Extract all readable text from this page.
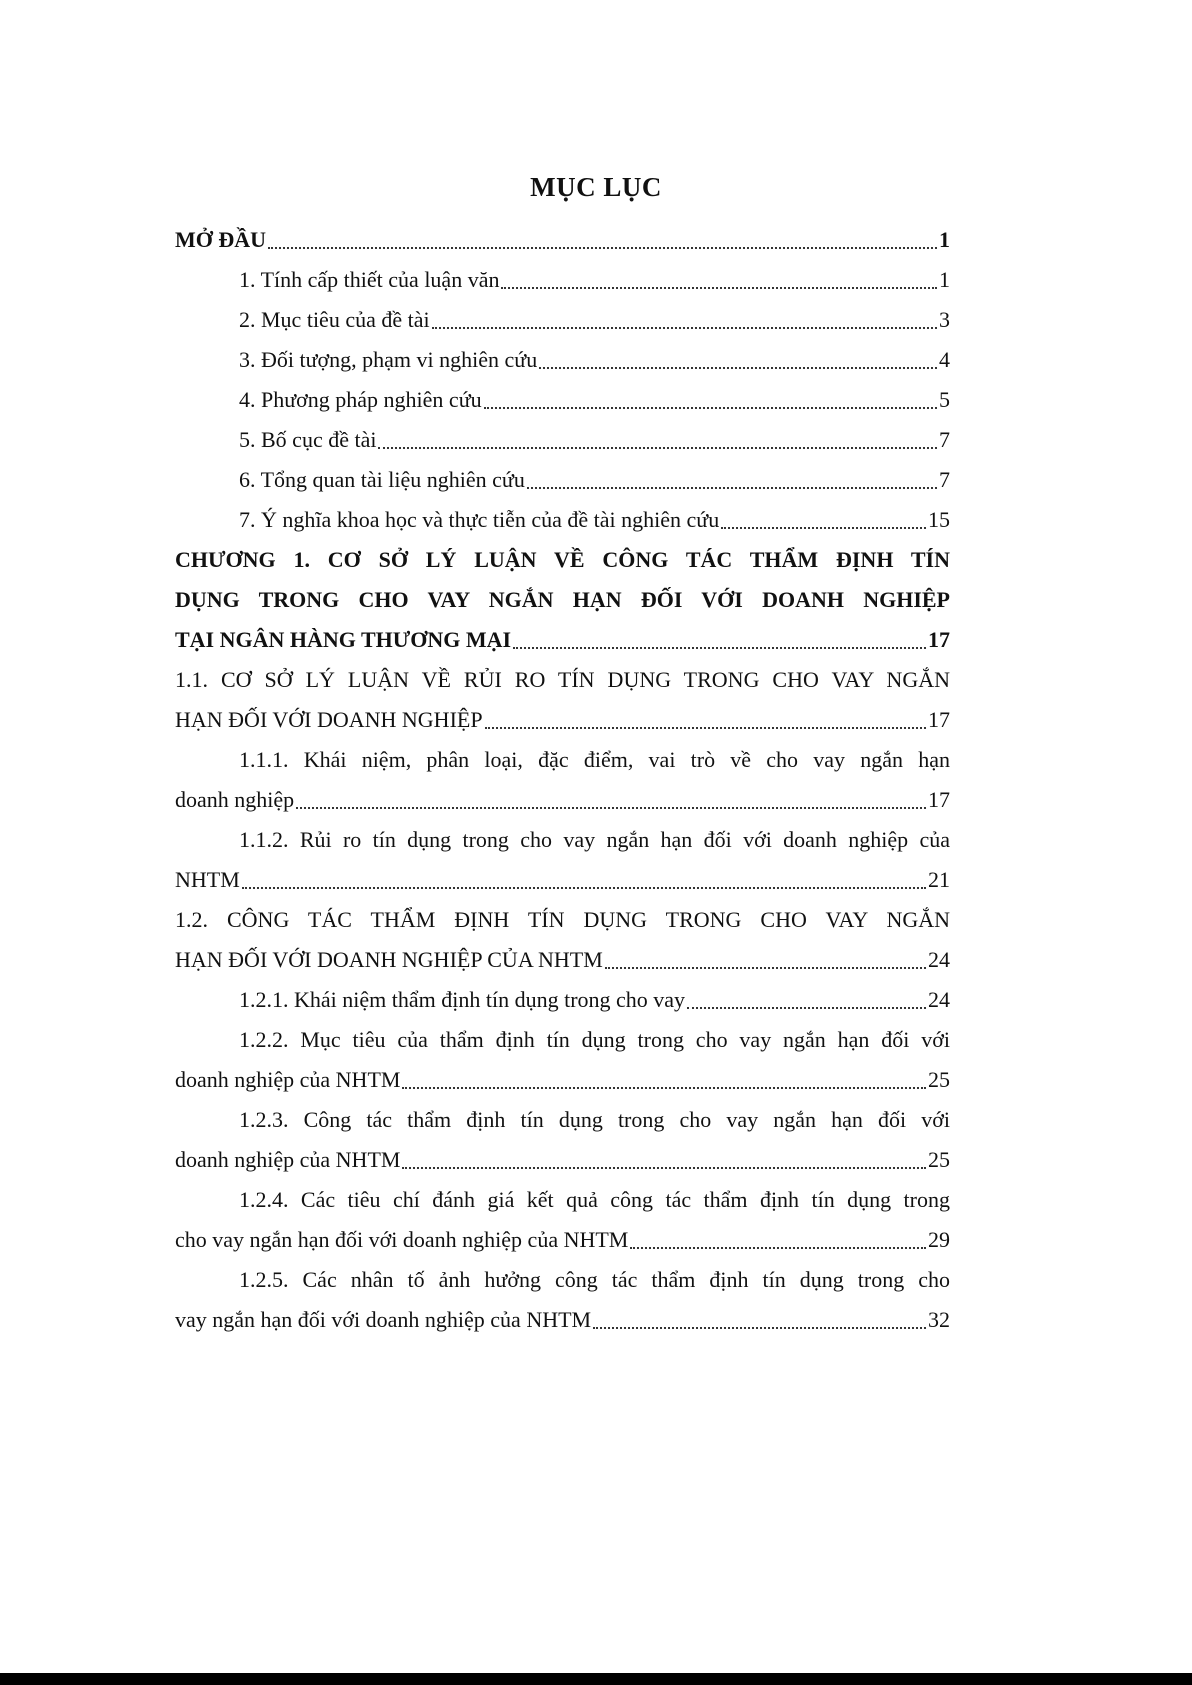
MỤC LỤC
MỞ ĐẦU	1
1. Tính cấp thiết của luận văn	1
2. Mục tiêu của đề tài	3
3. Đối tượng, phạm vi nghiên cứu	4
4. Phương pháp nghiên cứu	5
5. Bố cục đề tài	7
6. Tổng quan tài liệu nghiên cứu	7
7. Ý nghĩa khoa học và thực tiễn của đề tài nghiên cứu	15
CHƯƠNG 1. CƠ SỞ LÝ LUẬN VỀ CÔNG TÁC THẨM ĐỊNH TÍN
DỤNG TRONG CHO VAY NGẮN HẠN ĐỐI VỚI DOANH NGHIỆP
TẠI NGÂN HÀNG THƯƠNG MẠI	17
1.1. CƠ SỞ LÝ LUẬN VỀ RỦI RO TÍN DỤNG TRONG CHO VAY NGẮN
HẠN ĐỐI VỚI DOANH NGHIỆP	17
1.1.1. Khái niệm, phân loại, đặc điểm, vai trò về cho vay ngắn hạn
doanh nghiệp	17
1.1.2. Rủi ro tín dụng trong cho vay ngắn hạn đối với doanh nghiệp của
NHTM	21
1.2. CÔNG TÁC THẨM ĐỊNH TÍN DỤNG TRONG CHO VAY NGẮN
HẠN ĐỐI VỚI DOANH NGHIỆP CỦA NHTM	24
1.2.1. Khái niệm thẩm định tín dụng trong cho vay	24
1.2.2. Mục tiêu của thẩm định tín dụng trong cho vay ngắn hạn đối với
doanh nghiệp của NHTM	25
1.2.3. Công tác thẩm định tín dụng trong cho vay ngắn hạn đối với
doanh nghiệp của NHTM	25
1.2.4. Các tiêu chí đánh giá kết quả công tác thẩm định tín dụng trong
cho vay ngắn hạn đối với doanh nghiệp của NHTM	29
1.2.5. Các nhân tố ảnh hưởng công tác thẩm định tín dụng trong cho
vay ngắn hạn đối với doanh nghiệp của NHTM	32
